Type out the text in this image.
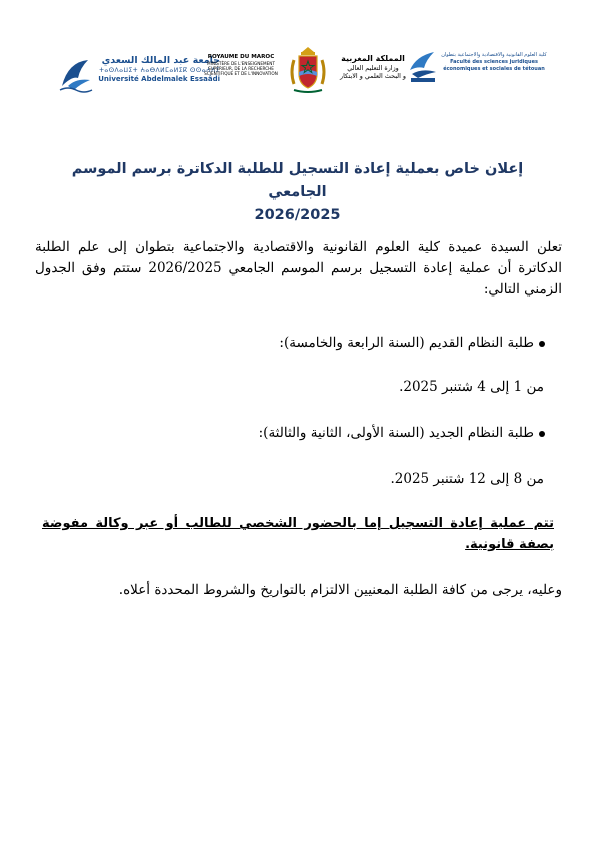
جامعة عبد المالك السعدي
ⵜⴰⵙⴷⴰⵡⵉⵜ ⵄⴰⴱⴷⵍⵎⴰⵍⵉⴽ ⵙⵙⴰⵄⴷⵉ
Université Abdelmalek Essaâdi
ROYAUME DU MAROC
MINISTÈRE DE L'ENSEIGNEMENT SUPÉRIEUR, DE LA RECHERCHE SCIENTIFIQUE ET DE L'INNOVATION
المملكة المغربية
وزارة التعليم العالي
و البحث العلمي و الابتكار
كلية العلوم القانونية والاقتصادية والاجتماعية بتطوان
Faculté des sciences juridiques économiques et sociales de tétouan
إعلان خاص بعملية إعادة التسجيل للطلبة الدكاترة برسم الموسم الجامعي
2026/2025
تعلن السيدة عميدة كلية العلوم القانونية والاقتصادية والاجتماعية بتطوان إلى علم الطلبة الدكاترة أن عملية إعادة التسجيل برسم الموسم الجامعي 2026/2025 ستتم وفق الجدول الزمني التالي:
طلبة النظام القديم (السنة الرابعة والخامسة):
من 1 إلى 4 شتنبر 2025.
طلبة النظام الجديد (السنة الأولى، الثانية والثالثة):
من 8 إلى 12 شتنبر 2025.
تتم عملية إعادة التسجيل إما بالحضور الشخصي للطالب أو عبر وكالة مفوضة بصفة قانونية.
وعليه، يرجى من كافة الطلبة المعنيين الالتزام بالتواريخ والشروط المحددة أعلاه.
